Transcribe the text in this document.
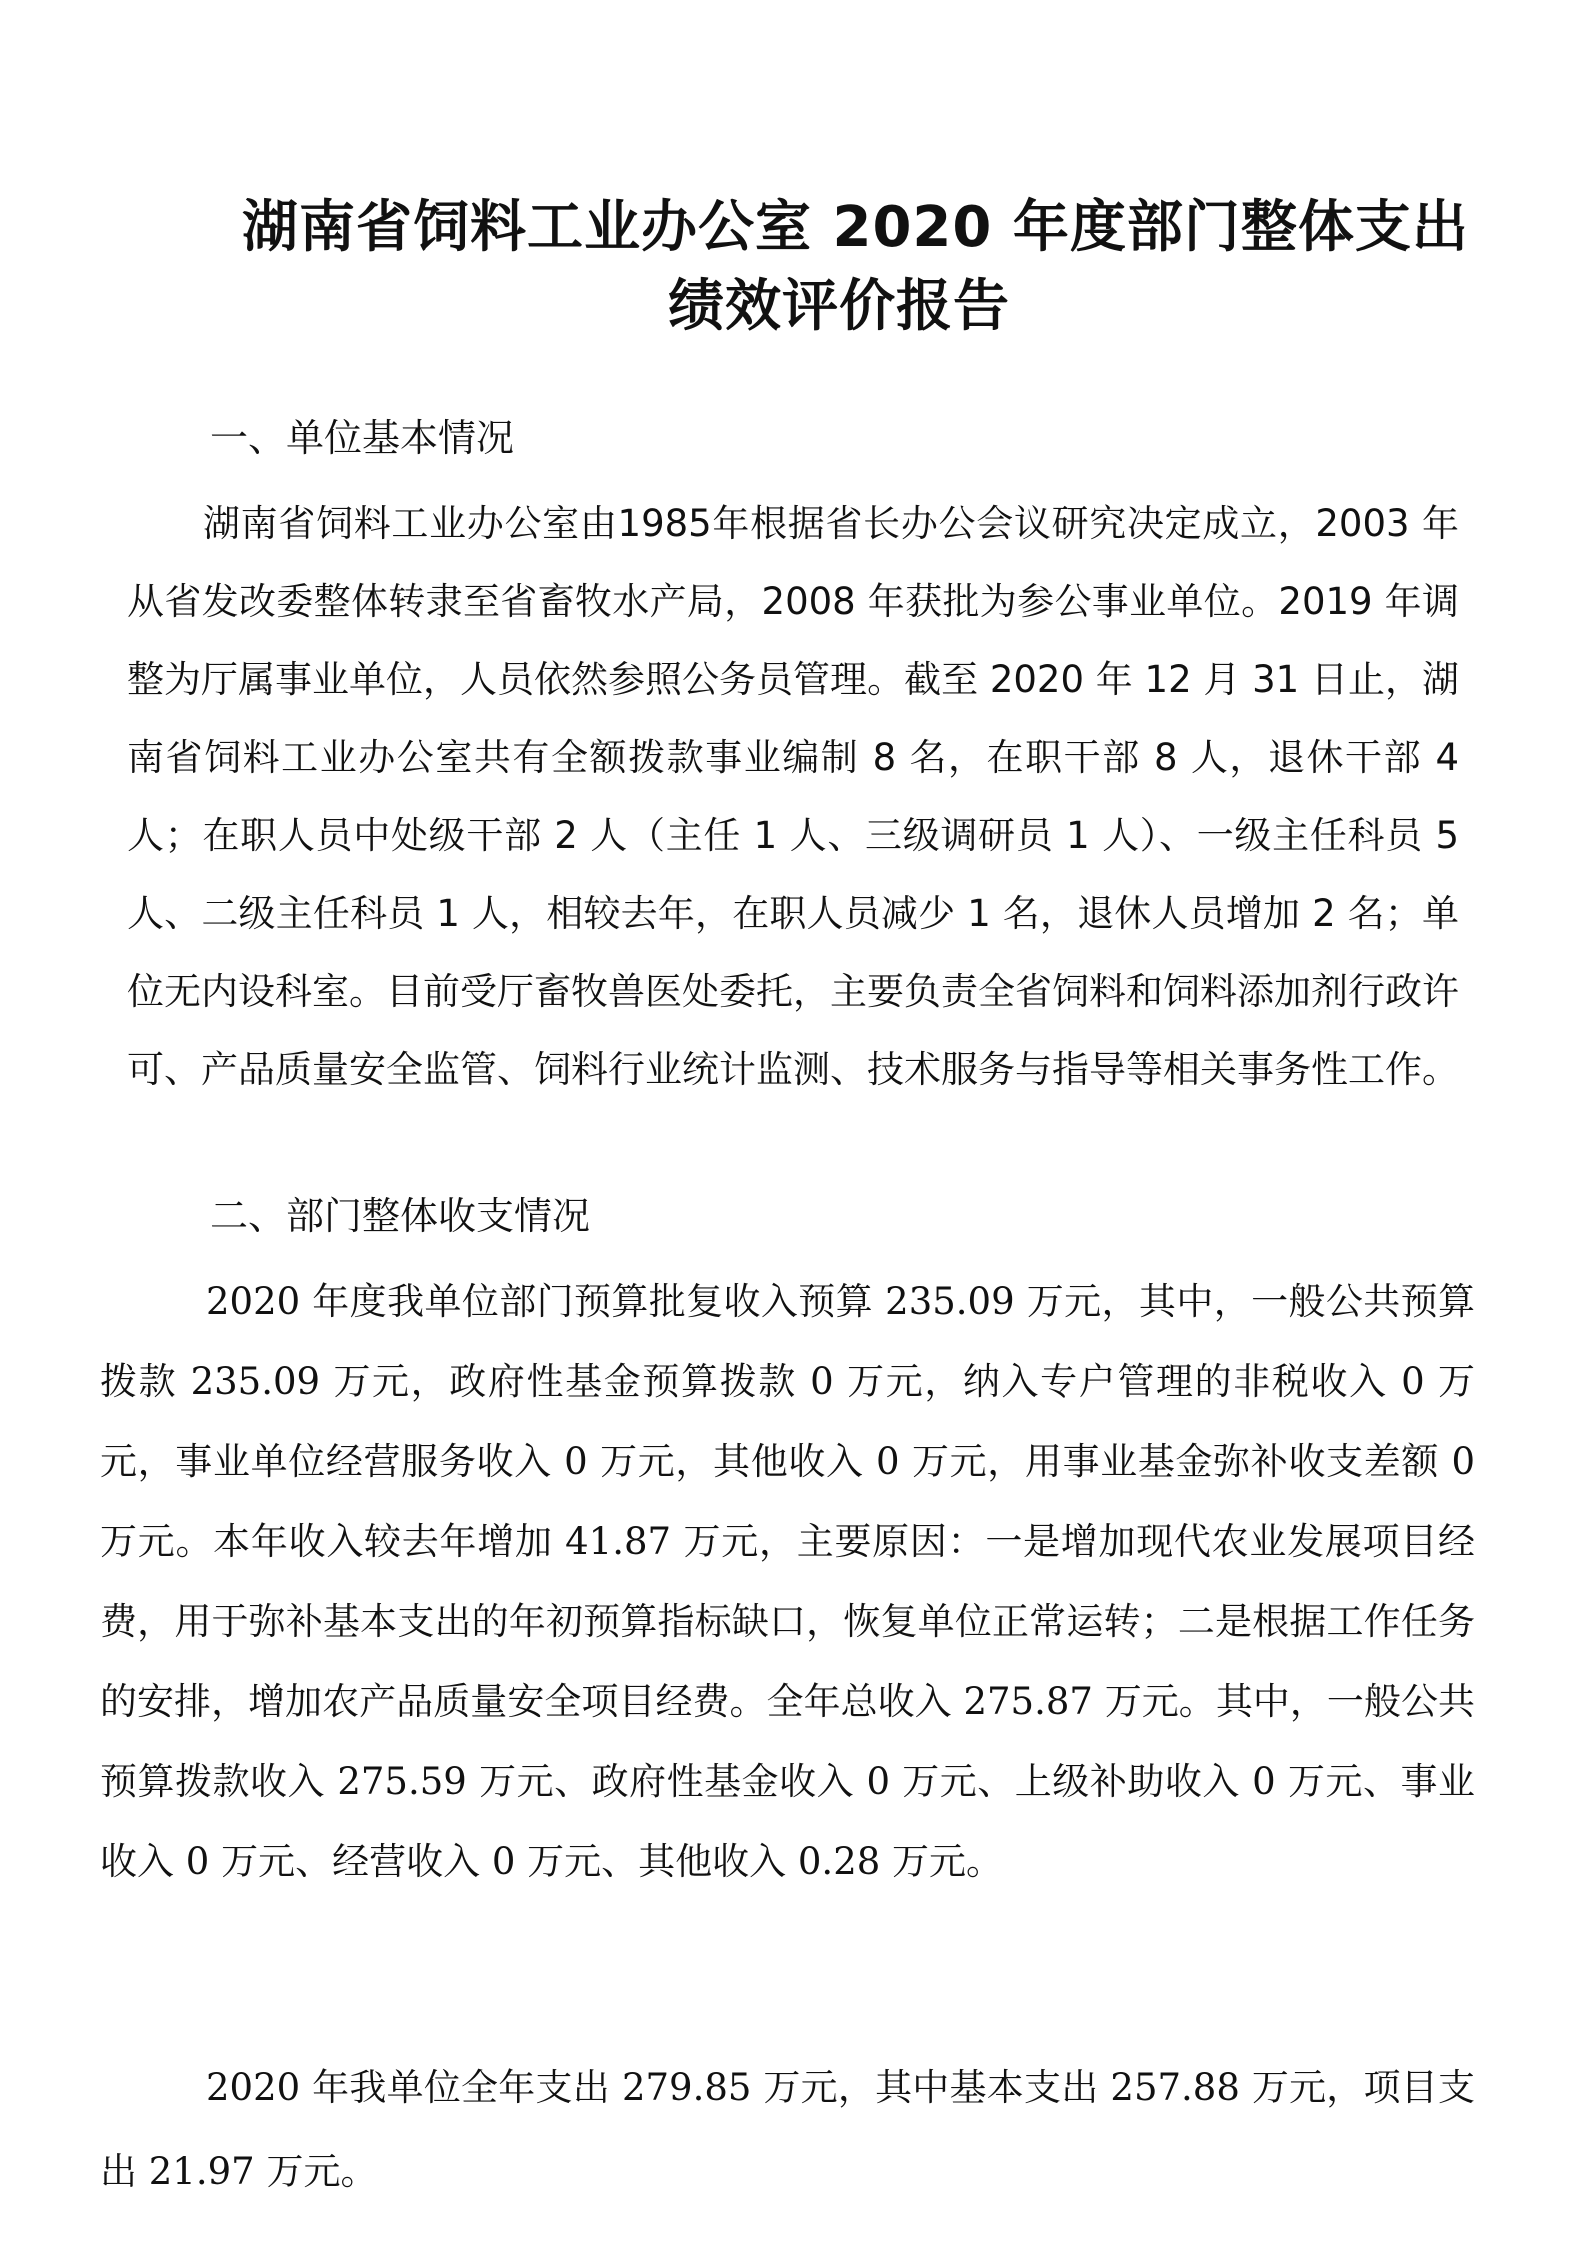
湖南省饲料工业办公室 2020 年度部门整体支出
绩效评价报告
一、单位基本情况
湖南省饲料工业办公室由1985年根据省长办公会议研究决定成立，2003 年从省发改委整体转隶至省畜牧水产局，2008 年获批为参公事业单位。2019 年调整为厅属事业单位，人员依然参照公务员管理。截至 2020 年 12 月 31 日止，湖南省饲料工业办公室共有全额拨款事业编制 8 名，在职干部 8 人，退休干部 4 人；在职人员中处级干部 2 人（主任 1 人、三级调研员 1 人）、一级主任科员 5 人、二级主任科员 1 人，相较去年，在职人员减少 1 名，退休人员增加 2 名；单位无内设科室。目前受厅畜牧兽医处委托，主要负责全省饲料和饲料添加剂行政许可、产品质量安全监管、饲料行业统计监测、技术服务与指导等相关事务性工作。
二、部门整体收支情况
2020 年度我单位部门预算批复收入预算 235.09 万元，其中，一般公共预算拨款 235.09 万元，政府性基金预算拨款 0 万元，纳入专户管理的非税收入 0 万元，事业单位经营服务收入 0 万元，其他收入 0 万元，用事业基金弥补收支差额 0 万元。本年收入较去年增加 41.87 万元，主要原因：一是增加现代农业发展项目经费，用于弥补基本支出的年初预算指标缺口，恢复单位正常运转；二是根据工作任务的安排，增加农产品质量安全项目经费。全年总收入 275.87 万元。其中，一般公共预算拨款收入 275.59 万元、政府性基金收入 0 万元、上级补助收入 0 万元、事业收入 0 万元、经营收入 0 万元、其他收入 0.28 万元。
2020 年我单位全年支出 279.85 万元，其中基本支出 257.88 万元，项目支出 21.97 万元。
